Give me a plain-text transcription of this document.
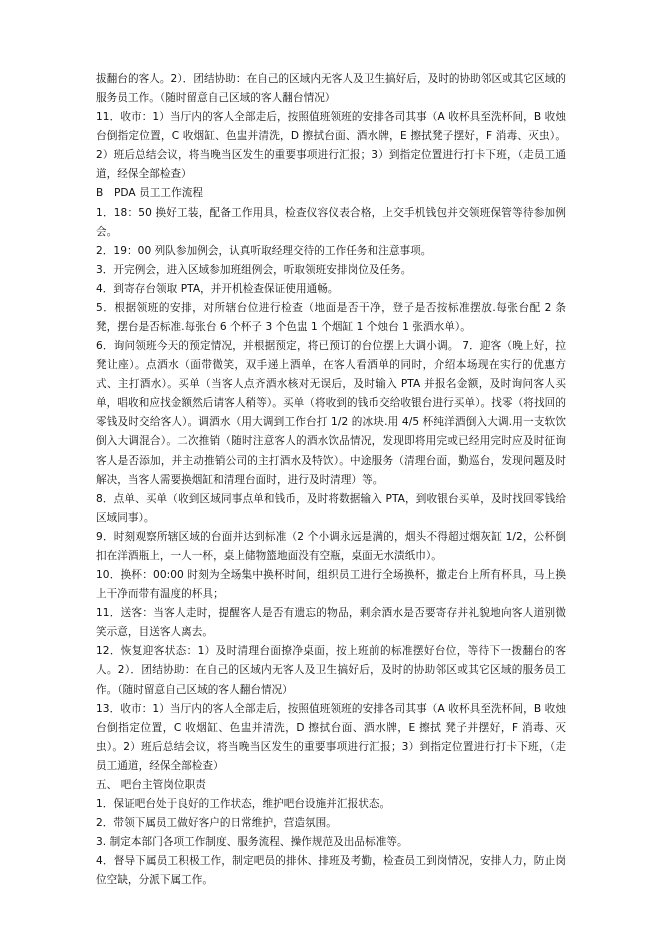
拔翻台的客人。2）．团结协助：在自己的区域内无客人及卫生搞好后，及时的协助邻区或其它区域的服务员工作。（随时留意自己区域的客人翻台情况）

11．收市：1）当厅内的客人全部走后，按照值班领班的安排各司其事（A 收杯具至洗杯间，B 收烛台倒指定位置，C 收烟缸、色盅并清洗，D 擦拭台面、酒水牌，E 擦拭凳子摆好，F 消毒、灭虫）。2）班后总结会议，将当晚当区发生的重要事项进行汇报；3）到指定位置进行打卡下班，（走员工通道，经保全部检查）

B　PDA 员工工作流程

1．18：50 换好工装，配备工作用具，检查仪容仪表合格，上交手机钱包并交领班保管等待参加例会。

2．19：00 列队参加例会，认真听取经理交待的工作任务和注意事项。

3．开完例会，进入区域参加班组例会，听取领班安排岗位及任务。

4．到寄存台领取 PTA，并开机检查保证使用通畅。

5．根据领班的安排，对所辖台位进行检查（地面是否干净，登子是否按标准摆放.每张台配 2 条凳，摆台是否标准.每张台 6 个杯子 3 个色盅 1 个烟缸 1 个烛台 1 张酒水单）。

6．询问领班今天的预定情况，并根据预定，将已预订的台位摆上大调小调。 7．迎客（晚上好，拉凳让座）。点酒水（面带微笑，双手递上酒单，在客人看酒单的同时，介绍本场现在实行的优惠方式、主打酒水）。买单（当客人点齐酒水核对无误后，及时输入 PTA 并报名金额，及时询问客人买单，唱收和应找金额然后请客人稍等）。买单（将收到的钱币交给收银台进行买单）。找零（将找回的零钱及时交给客人）。调酒水（用大调到工作台打 1/2 的冰块.用 4/5 杯纯洋酒倒入大调.用一支软饮倒入大调混合）。二次推销（随时注意客人的酒水饮品情况，发现即将用完或已经用完时应及时征询客人是否添加，并主动推销公司的主打酒水及特饮）。中途服务（清理台面，勤巡台，发现问题及时解决，当客人需要换烟缸和清理台面时，进行及时清理）等。

8．点单、买单（收到区域同事点单和钱币，及时将数据输入 PTA，到收银台买单，及时找回零钱给区域同事）。

9．时刻观察所辖区域的台面并达到标准（2 个小调永远是满的，烟头不得超过烟灰缸 1/2，公杯倒扣在洋酒瓶上，一人一杯，桌上储物篮地面没有空瓶，桌面无水渍纸巾）。

10．换杯：00:00 时刻为全场集中换杯时间，组织员工进行全场换杯，撤走台上所有杯具，马上换上干净而带有温度的杯具；

11．送客：当客人走时，提醒客人是否有遗忘的物品，剩余酒水是否要寄存并礼貌地向客人道别微笑示意，目送客人离去。

12．恢复迎客状态：1）及时清理台面撩净桌面，按上班前的标准摆好台位，等待下一拨翻台的客人。2）．团结协助：在自己的区域内无客人及卫生搞好后，及时的协助邻区或其它区域的服务员工作。（随时留意自己区域的客人翻台情况）

13．收市：1）当厅内的客人全部走后，按照值班领班的安排各司其事（A 收杯具至洗杯间，B 收烛台倒指定位置，C 收烟缸、色盅并清洗，D 擦拭台面、酒水牌，E 擦拭 凳子并摆好，F 消毒、灭虫）。2）班后总结会议，将当晚当区发生的重要事项进行汇报；3）到指定位置进行打卡下班，（走员工通道，经保全部检查）

五、 吧台主管岗位职责

1．保证吧台处于良好的工作状态，维护吧台设施并汇报状态。

2．带领下属员工做好客户的日常维护，营造氛围。

3. 制定本部门各项工作制度、服务流程、操作规范及出品标准等。

4．督导下属员工积极工作，制定吧员的排休、排班及考勤，检查员工到岗情况，安排人力，防止岗位空缺，分派下属工作。
